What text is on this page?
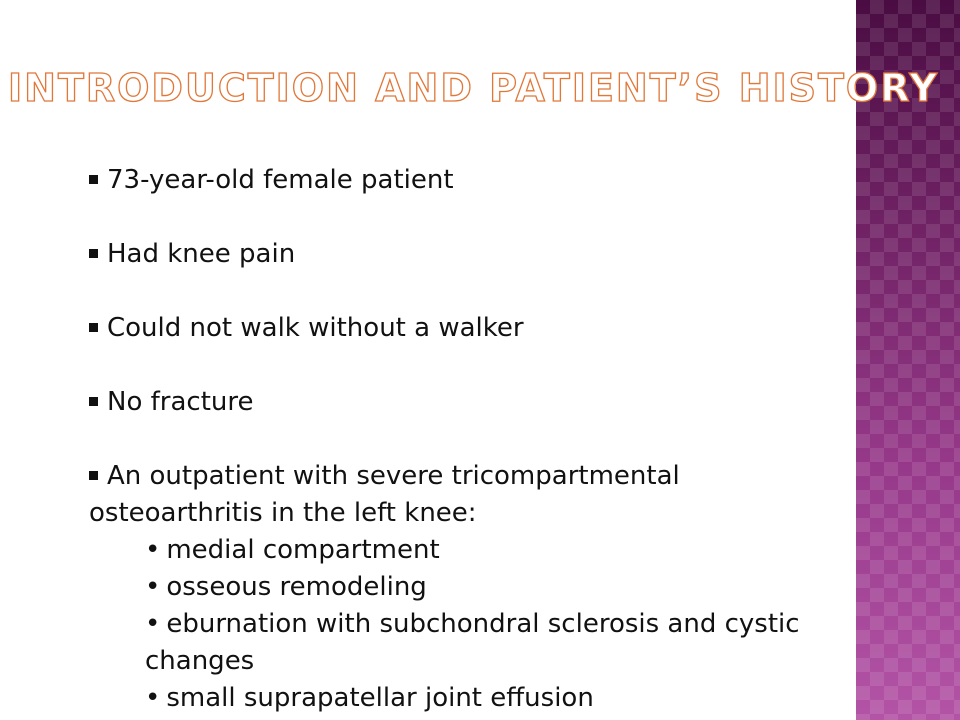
INTRODUCTION AND PATIENT’S HISTORY

73-year-old female patient

Had knee pain

Could not walk without a walker

No fracture

An outpatient with severe tricompartmental osteoarthritis in the left knee:
• medial compartment
• osseous remodeling
• eburnation with subchondral sclerosis and cystic changes
• small suprapatellar joint effusion
